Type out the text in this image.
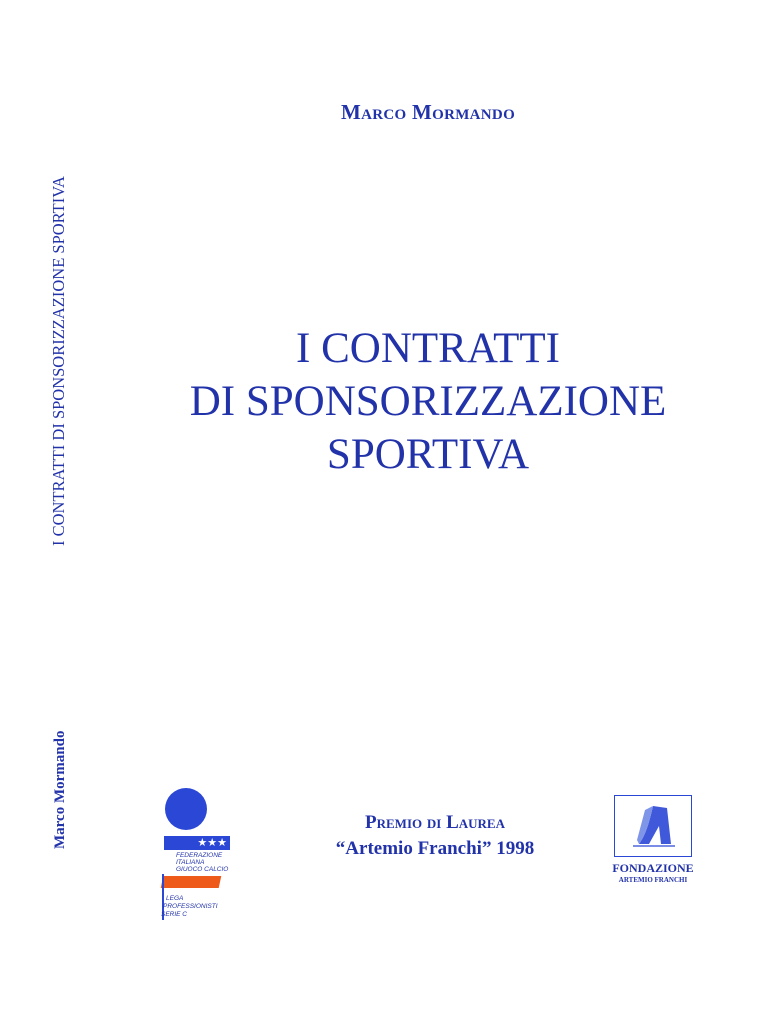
I CONTRATTI DI SPONSORIZZAZIONE SPORTIVA
Marco Mormando
Marco Mormando
I CONTRATTI
DI SPONSORIZZAZIONE
SPORTIVA
Premio di Laurea
“Artemio Franchi” 1998
★★★
FEDERAZIONE
ITALIANA
GIUOCO CALCIO
LEGA
PROFESSIONISTI
SERIE C
FONDAZIONE
ARTEMIO FRANCHI
